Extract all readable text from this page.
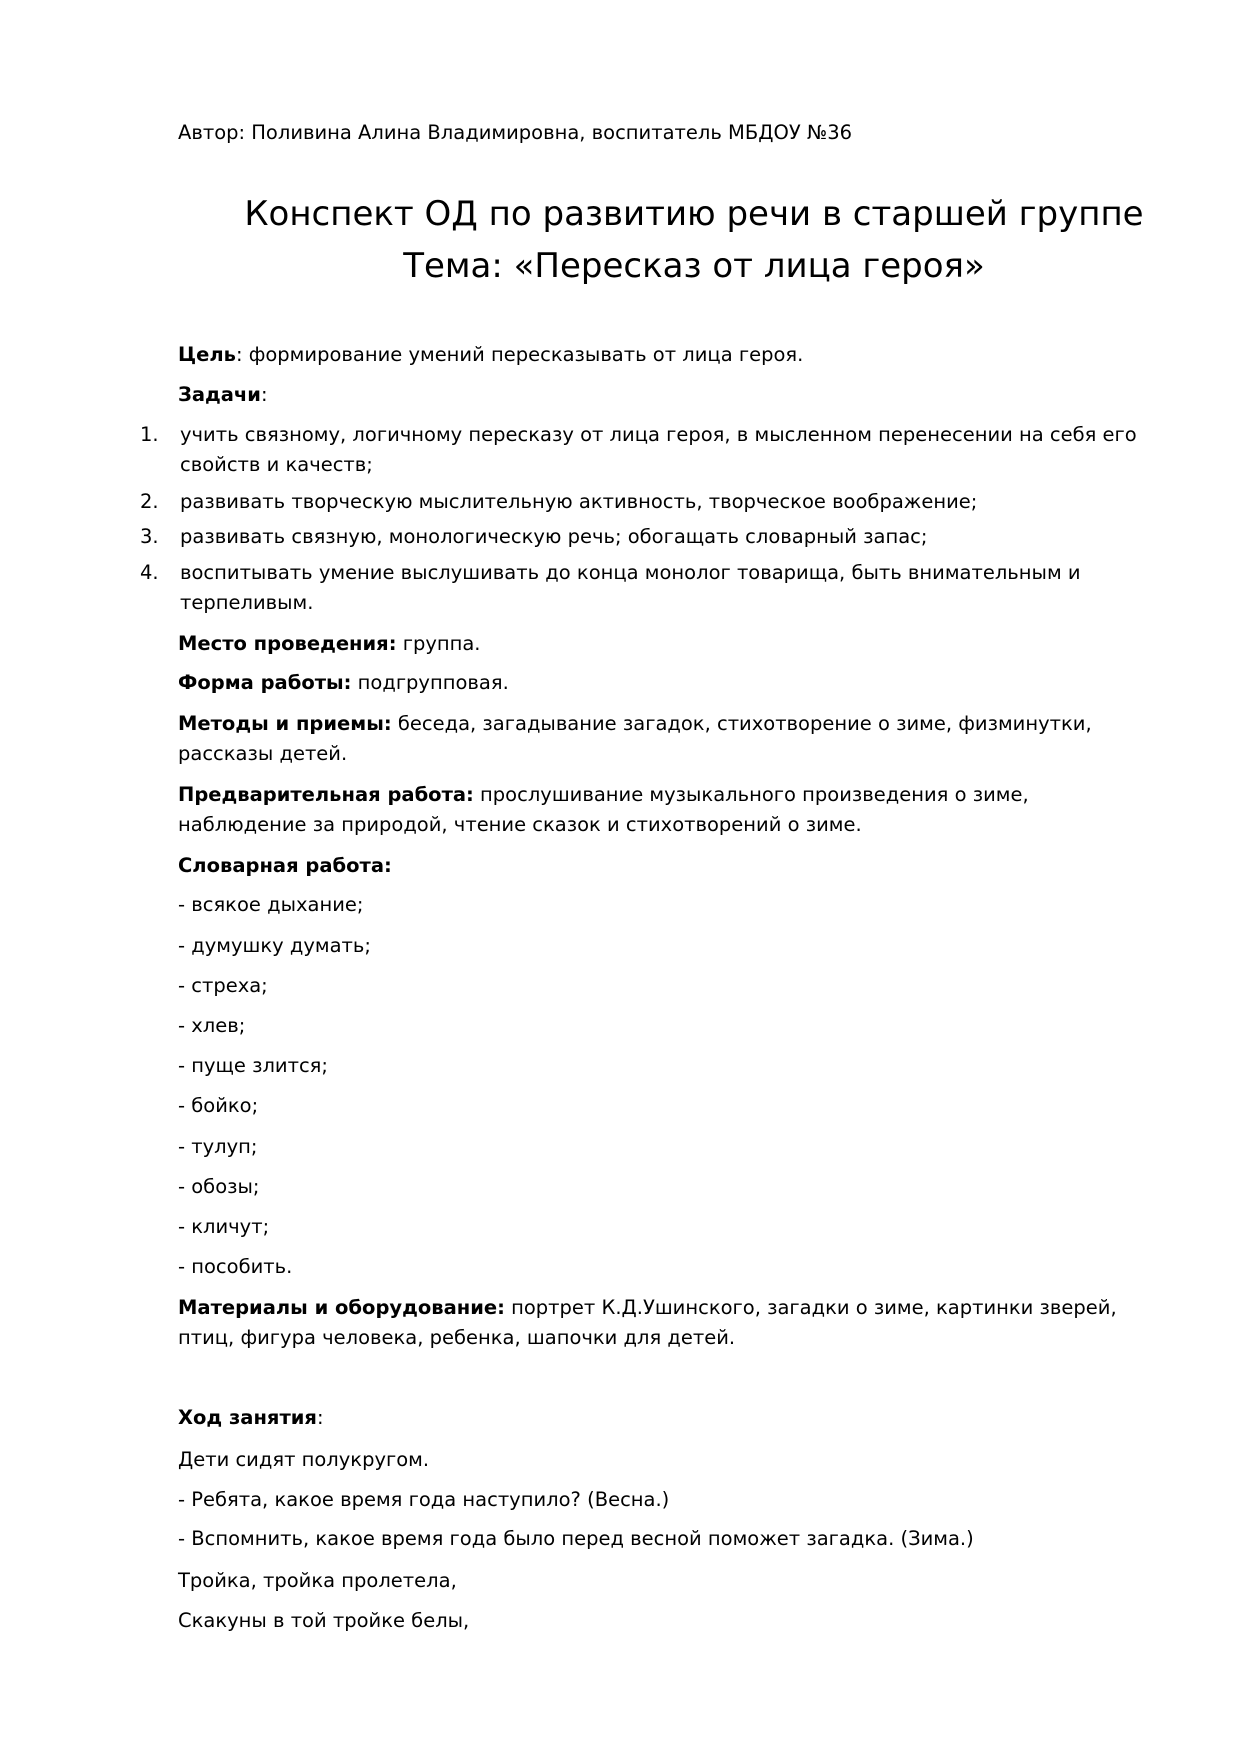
Автор: Поливина Алина Владимировна, воспитатель МБДОУ №36
Конспект ОД по развитию речи в старшей группе
Тема: «Пересказ от лица героя»
Цель: формирование умений пересказывать от лица героя.
Задачи:
1. учить связному, логичному пересказу от лица героя, в мысленном перенесении на себя его свойств и качеств;
2. развивать творческую мыслительную активность, творческое воображение;
3. развивать связную, монологическую речь; обогащать словарный запас;
4. воспитывать умение выслушивать до конца монолог товарища, быть внимательным и терпеливым.
Место проведения: группа.
Форма работы: подгрупповая.
Методы и приемы: беседа, загадывание загадок, стихотворение о зиме, физминутки, рассказы детей.
Предварительная работа: прослушивание музыкального произведения о зиме, наблюдение за природой, чтение сказок и стихотворений о зиме.
Словарная работа:
- всякое дыхание;
- думушку думать;
- стреха;
- хлев;
- пуще злится;
- бойко;
- тулуп;
- обозы;
- кличут;
- пособить.
Материалы и оборудование: портрет К.Д.Ушинского, загадки о зиме, картинки зверей, птиц, фигура человека, ребенка, шапочки для детей.
Ход занятия:
Дети сидят полукругом.
- Ребята, какое время года наступило? (Весна.)
- Вспомнить, какое время года было перед весной поможет загадка. (Зима.)
Тройка, тройка пролетела,
Скакуны в той тройке белы,
